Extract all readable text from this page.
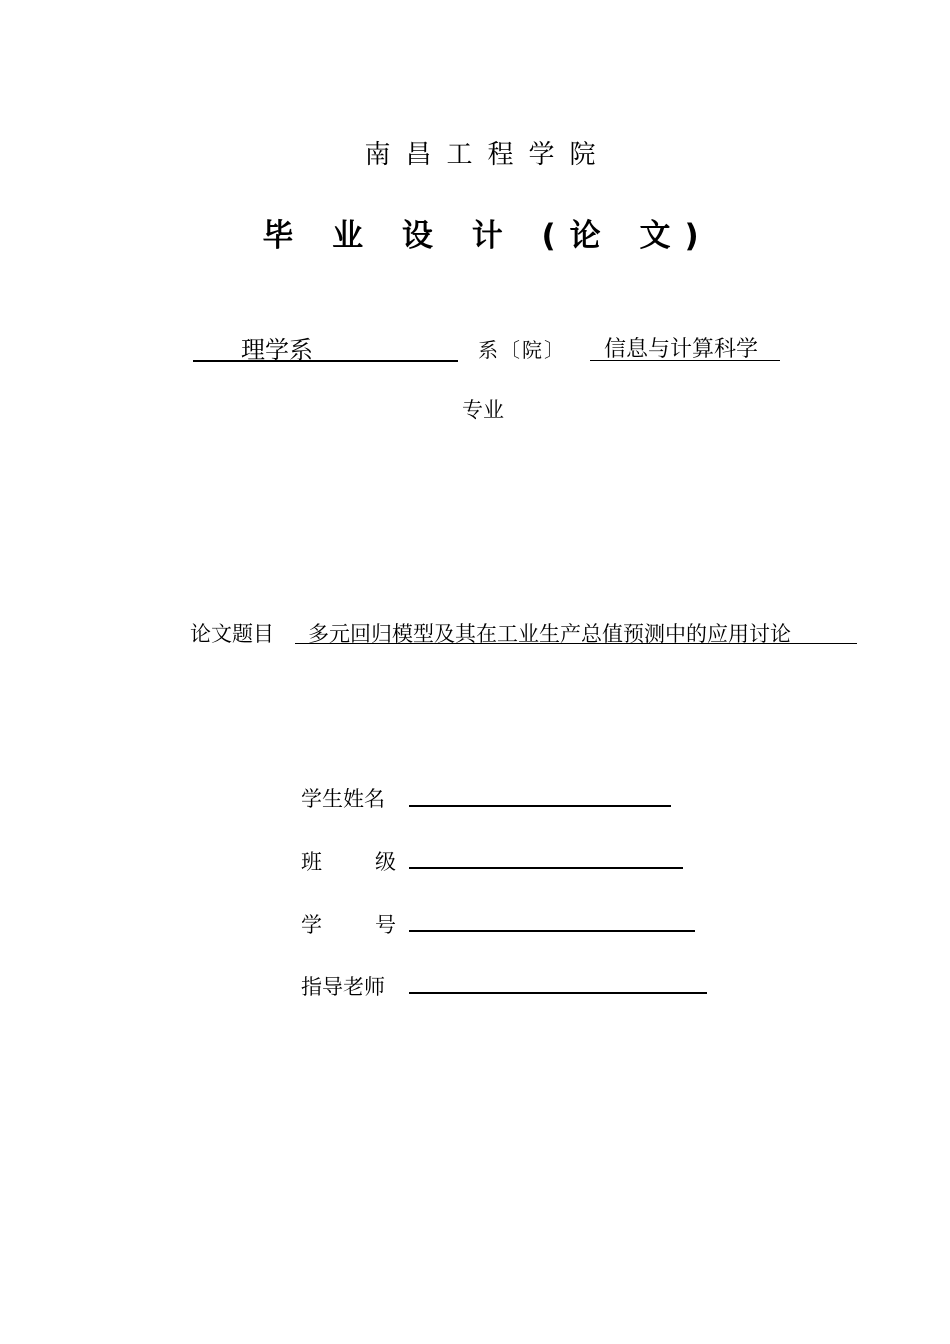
南昌工程学院
毕 业 设 计 (论 文)
理学系	系〔院〕 信息与计算科学
专业
论文题目 多元回归模型及其在工业生产总值预测中的应用讨论
学生姓名
班	级
学	号
指导老师
